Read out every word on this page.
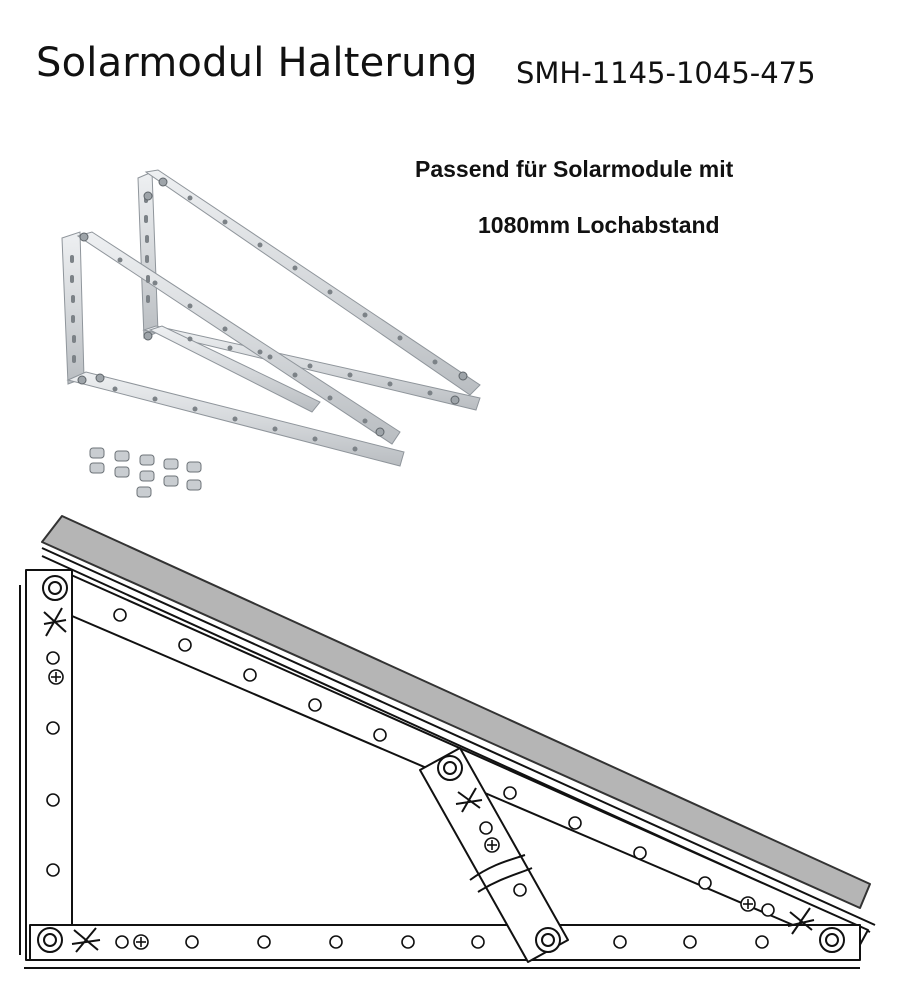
Solarmodul Halterung SMH-1145-1045-475
Passend für Solarmodule mit
1080mm Lochabstand
